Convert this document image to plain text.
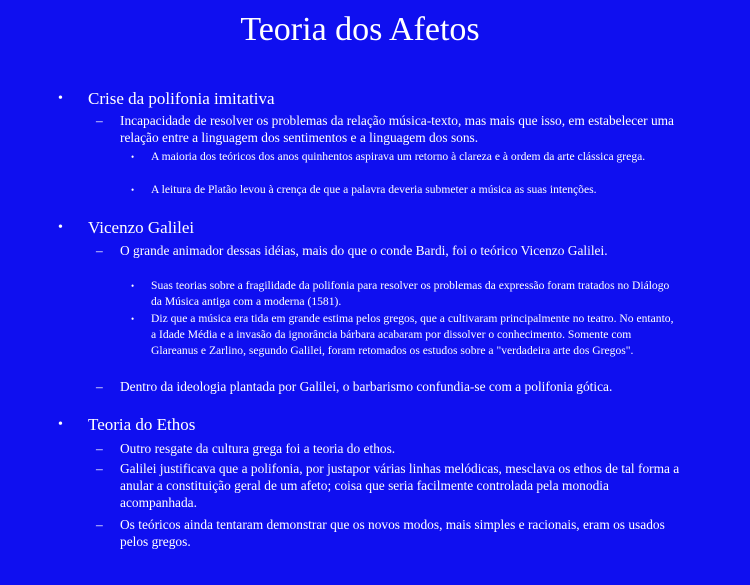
Teoria dos Afetos
• Crise da polifonia imitativa
– Incapacidade de resolver os problemas da relação música-texto, mas mais que isso, em estabelecer uma relação entre a linguagem dos sentimentos e a linguagem dos sons.
• A maioria dos teóricos dos anos quinhentos aspirava um retorno à clareza e à ordem da arte clássica grega.
• A leitura de Platão levou à crença de que a palavra deveria submeter a música as suas intenções.
• Vicenzo Galilei
– O grande animador dessas idéias, mais do que o conde Bardi, foi o teórico Vicenzo Galilei.
• Suas teorias sobre a fragilidade da polifonia para resolver os problemas da expressão foram tratados no Diálogo da Música antiga com a moderna (1581).
• Diz que a música era tida em grande estima pelos gregos, que a cultivaram principalmente no teatro. No entanto, a Idade Média e a invasão da ignorância bárbara acabaram por dissolver o conhecimento. Somente com Glareanus e Zarlino, segundo Galilei, foram retomados os estudos sobre a "verdadeira arte dos Gregos".
– Dentro da ideologia plantada por Galilei, o barbarismo confundia-se com a polifonia gótica.
• Teoria do Ethos
– Outro resgate da cultura grega foi a teoria do ethos.
– Galilei justificava que a polifonia, por justapor várias linhas melódicas, mesclava os ethos de tal forma a anular a constituição geral de um afeto; coisa que seria facilmente controlada pela monodia acompanhada.
– Os teóricos ainda tentaram demonstrar que os novos modos, mais simples e racionais, eram os usados pelos gregos.
